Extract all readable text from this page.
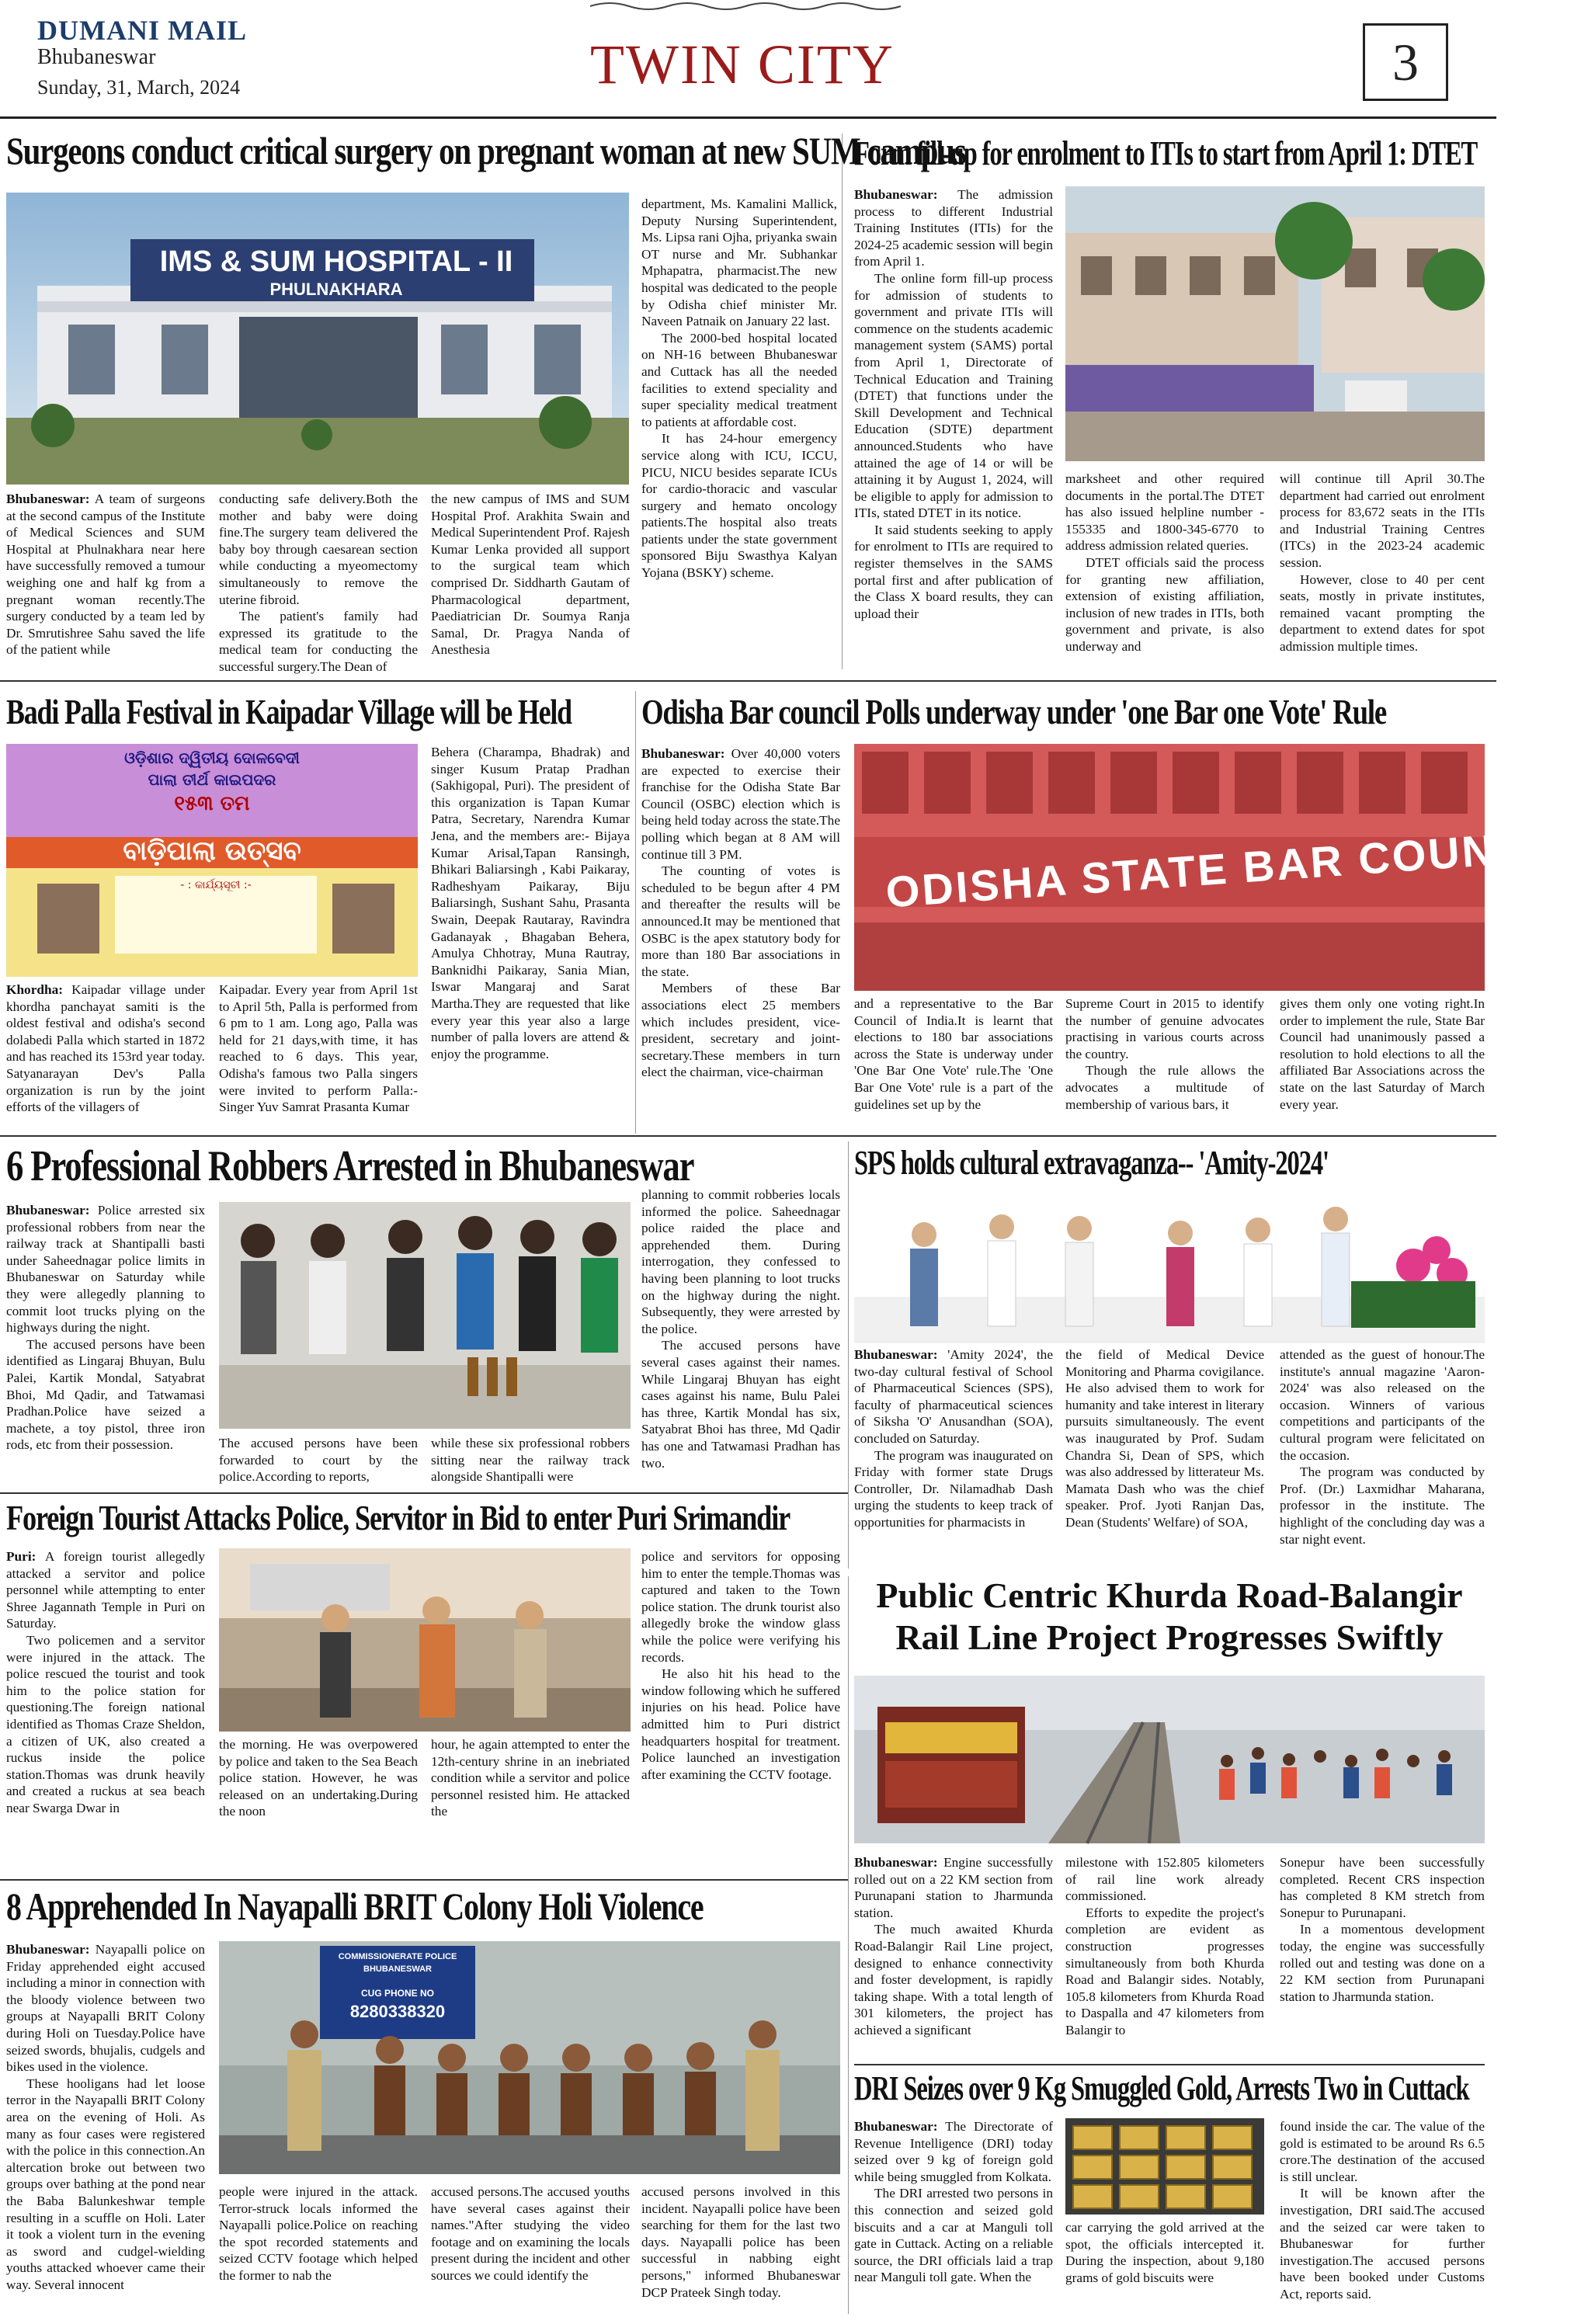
DUMANI MAIL
Bhubaneswar
Sunday, 31, March, 2024	TWIN CITY	3
Surgeons conduct critical surgery on pregnant woman at new SUM campus
IMS & SUM HOSPITAL - II
PHULNAKHARA

Bhubaneswar: A team of surgeons at the second campus of the Institute of Medical Sciences and SUM Hospital at Phulnakhara near here have successfully removed a tumour weighing one and half kg from a pregnant woman recently.The surgery conducted by a team led by Dr. Smrutishree Sahu saved the life of the patient while

conducting safe delivery.Both the mother and baby were doing fine.The surgery team delivered the baby boy through caesarean section while conducting a myeomectomy simultaneously to remove the uterine fibroid.

The patient's family had expressed its gratitude to the medical team for conducting the successful surgery.The Dean of

the new campus of IMS and SUM Hospital Prof. Arakhita Swain and Medical Superintendent Prof. Rajesh Kumar Lenka provided all support to the surgical team which comprised Dr. Siddharth Gautam of Pharmacological department, Paediatrician Dr. Soumya Ranja Samal, Dr. Pragya Nanda of Anesthesia

department, Ms. Kamalini Mallick, Deputy Nursing Superintendent, Ms. Lipsa rani Ojha, priyanka swain OT nurse and Mr. Subhankar Mphapatra, pharmacist.The new hospital was dedicated to the people by Odisha chief minister Mr. Naveen Patnaik on January 22 last.

The 2000-bed hospital located on NH-16 between Bhubaneswar and Cuttack has all the needed facilities to extend speciality and super speciality medical treatment to patients at affordable cost.

It has 24-hour emergency service along with ICU, ICCU, PICU, NICU besides separate ICUs for cardio-thoracic and vascular surgery and hemato oncology patients.The hospital also treats patients under the state government sponsored Biju Swasthya Kalyan Yojana (BSKY) scheme.

Form fill-up for enrolment to ITIs to start from April 1: DTET

Bhubaneswar: The admission process to different Industrial Training Institutes (ITIs) for the 2024-25 academic session will begin from April 1.

The online form fill-up process for admission of students to government and private ITIs will commence on the students academic management system (SAMS) portal from April 1, Directorate of Technical Education and Training (DTET) that functions under the Skill Development and Technical Education (SDTE) department announced.Students who have attained the age of 14 or will be attaining it by August 1, 2024, will be eligible to apply for admission to ITIs, stated DTET in its notice.

It said students seeking to apply for enrolment to ITIs are required to register themselves in the SAMS portal first and after publication of the Class X board results, they can upload their

marksheet and other required documents in the portal.The DTET has also issued helpline number - 155335 and 1800-345-6770 to address admission related queries.

DTET officials said the process for granting new affiliation, extension of existing affiliation, inclusion of new trades in ITIs, both government and private, is also underway and

will continue till April 30.The department had carried out enrolment process for 83,672 seats in the ITIs and Industrial Training Centres (ITCs) in the 2023-24 academic session.

However, close to 40 per cent seats, mostly in private institutes, remained vacant prompting the department to extend dates for spot admission multiple times.

Badi Palla Festival in Kaipadar Village will be Held
ଓଡ଼ିଶାର ଦ୍ୱିତୀୟ ଦୋଳବେଦୀ
ପାଲା ତୀର୍ଥ କାଇପଦର
୧୫୩ ତମ
ବାଡ଼ିପାଲା ଉତ୍ସବ
- : କାର୍ଯ୍ୟସୂଚୀ :-

Khordha: Kaipadar village under khordha panchayat samiti is the oldest festival and odisha's second dolabedi Palla which started in 1872 and has reached its 153rd year today. Satyanarayan Dev's Palla organization is run by the joint efforts of the villagers of

Kaipadar. Every year from April 1st to April 5th, Palla is performed from 6 pm to 1 am. Long ago, Palla was held for 21 days,with time, it has reached to 6 days. This year, Odisha's famous two Palla singers were invited to perform Palla:- Singer Yuv Samrat Prasanta Kumar

Behera (Charampa, Bhadrak) and singer Kusum Pratap Pradhan (Sakhigopal, Puri). The president of this organization is Tapan Kumar Patra, Secretary, Narendra Kumar Jena, and the members are:- Bijaya Kumar Arisal,Tapan Ransingh, Bhikari Baliarsingh , Kabi Paikaray, Radheshyam Paikaray, Biju Baliarsingh, Sushant Sahu, Prasanta Swain, Deepak Rautaray, Ravindra Gadanayak , Bhagaban Behera, Amulya Chhotray, Muna Rautray, Banknidhi Paikaray, Sania Mian, Iswar Mangaraj and Sarat Martha.They are requested that like every year this year also a large number of palla lovers are attend & enjoy the programme.

Odisha Bar council Polls underway under 'one Bar one Vote' Rule
ODISHA STATE BAR COUNCIL

Bhubaneswar: Over 40,000 voters are expected to exercise their franchise for the Odisha State Bar Council (OSBC) election which is being held today across the state.The polling which began at 8 AM will continue till 3 PM.

The counting of votes is scheduled to be begun after 4 PM and thereafter the results will be announced.It may be mentioned that OSBC is the apex statutory body for more than 180 Bar associations in the state.

Members of these Bar associations elect 25 members which includes president, vice-president, secretary and joint-secretary.These members in turn elect the chairman, vice-chairman

and a representative to the Bar Council of India.It is learnt that elections to 180 bar associations across the State is underway under 'One Bar One Vote' rule.The 'One Bar One Vote' rule is a part of the guidelines set up by the

Supreme Court in 2015 to identify the number of genuine advocates practising in various courts across the country.

Though the rule allows the advocates a multitude of membership of various bars, it

gives them only one voting right.In order to implement the rule, State Bar Council had unanimously passed a resolution to hold elections to all the affiliated Bar Associations across the state on the last Saturday of March every year.

6 Professional Robbers Arrested in Bhubaneswar

Bhubaneswar: Police arrested six professional robbers from near the railway track at Shantipalli basti under Saheednagar police limits in Bhubaneswar on Saturday while they were allegedly planning to commit loot trucks plying on the highways during the night.

The accused persons have been identified as Lingaraj Bhuyan, Bulu Palei, Kartik Mondal, Satyabrat Bhoi, Md Qadir, and Tatwamasi Pradhan.Police have seized a machete, a toy pistol, three iron rods, etc from their possession.	The accused persons have been forwarded to court by the police.According to reports,

while these six professional robbers sitting near the railway track alongside Shantipalli were

planning to commit robberies locals informed the police. Saheednagar police raided the place and apprehended them. During interrogation, they confessed to having been planning to loot trucks on the highway during the night. Subsequently, they were arrested by the police.

The accused persons have several cases against their names. While Lingaraj Bhuyan has eight cases against his name, Bulu Palei has three, Kartik Mondal has six, Satyabrat Bhoi has three, Md Qadir has one and Tatwamasi Pradhan has two.

SPS holds cultural extravaganza-- 'Amity-2024'

Bhubaneswar: 'Amity 2024', the two-day cultural festival of School of Pharmaceutical Sciences (SPS), faculty of pharmaceutical sciences of Siksha 'O' Anusandhan (SOA), concluded on Saturday.

The program was inaugurated on Friday with former state Drugs Controller, Dr. Nilamadhab Dash urging the students to keep track of opportunities for pharmacists in

the field of Medical Device Monitoring and Pharma covigilance. He also advised them to work for humanity and take interest in literary pursuits simultaneously. The event was inaugurated by Prof. Sudam Chandra Si, Dean of SPS, which was also addressed by litterateur Ms. Mamata Dash who was the chief speaker. Prof. Jyoti Ranjan Das, Dean (Students' Welfare) of SOA,

attended as the guest of honour.The institute's annual magazine 'Aaron-2024' was also released on the occasion. Winners of various competitions and participants of the cultural program were felicitated on the occasion.

The program was conducted by Prof. (Dr.) Laxmidhar Maharana, professor in the institute. The highlight of the concluding day was a star night event.

Foreign Tourist Attacks Police, Servitor in Bid to enter Puri Srimandir

Puri: A foreign tourist allegedly attacked a servitor and police personnel while attempting to enter Shree Jagannath Temple in Puri on Saturday.

Two policemen and a servitor were injured in the attack. The police rescued the tourist and took him to the police station for questioning.The foreign national identified as Thomas Craze Sheldon, a citizen of UK, also created a ruckus inside the police station.Thomas was drunk heavily and created a ruckus at sea beach near Swarga Dwar in

the morning. He was overpowered by police and taken to the Sea Beach police station. However, he was released on an undertaking.During the noon

hour, he again attempted to enter the 12th-century shrine in an inebriated condition while a servitor and police personnel resisted him. He attacked the

police and servitors for opposing him to enter the temple.Thomas was captured and taken to the Town police station. The drunk tourist also allegedly broke the window glass while the police were verifying his records.

He also hit his head to the window following which he suffered injuries on his head. Police have admitted him to Puri district headquarters hospital for treatment. Police launched an investigation after examining the CCTV footage.

Public Centric Khurda Road-Balangir
Rail Line Project Progresses Swiftly

Bhubaneswar: Engine successfully rolled out on a 22 KM section from Purunapani station to Jharmunda station.

The much awaited Khurda Road-Balangir Rail Line project, designed to enhance connectivity and foster development, is rapidly taking shape. With a total length of 301 kilometers, the project has achieved a significant

milestone with 152.805 kilometers of rail line work already commissioned.

Efforts to expedite the project's completion are evident as construction progresses simultaneously from both Khurda Road and Balangir sides. Notably, 105.8 kilometers from Khurda Road to Daspalla and 47 kilometers from Balangir to

Sonepur have been successfully completed. Recent CRS inspection has completed 8 KM stretch from Sonepur to Purunapani.

In a momentous development today, the engine was successfully rolled out and testing was done on a 22 KM section from Purunapani station to Jharmunda station.

8 Apprehended In Nayapalli BRIT Colony Holi Violence
COMMISSIONERATE POLICE
BHUBANESWAR
CUG PHONE NO
8280338320

Bhubaneswar: Nayapalli police on Friday apprehended eight accused including a minor in connection with the bloody violence between two groups at Nayapalli BRIT Colony during Holi on Tuesday.Police have seized swords, bhujalis, cudgels and bikes used in the violence.

These hooligans had let loose terror in the Nayapalli BRIT Colony area on the evening of Holi. As many as four cases were registered with the police in this connection.An altercation broke out between two groups over bathing at the pond near the Baba Balunkeshwar temple resulting in a scuffle on Holi. Later it took a violent turn in the evening as sword and cudgel-wielding youths attacked whoever came their way. Several innocent

people were injured in the attack. Terror-struck locals informed the Nayapalli police.Police on reaching the spot recorded statements and seized CCTV footage which helped the former to nab the

accused persons.The accused youths have several cases against their names."After studying the video footage and on examining the locals present during the incident and other sources we could identify the

accused persons involved in this incident. Nayapalli police have been searching for them for the last two days. Nayapalli police has been successful in nabbing eight persons," informed Bhubaneswar DCP Prateek Singh today.

DRI Seizes over 9 Kg Smuggled Gold, Arrests Two in Cuttack

Bhubaneswar: The Directorate of Revenue Intelligence (DRI) today seized over 9 kg of foreign gold while being smuggled from Kolkata.

The DRI arrested two persons in this connection and seized gold biscuits and a car at Manguli toll gate in Cuttack. Acting on a reliable source, the DRI officials laid a trap near Manguli toll gate. When the

car carrying the gold arrived at the spot, the officials intercepted it. During the inspection, about 9,180 grams of gold biscuits were

found inside the car. The value of the gold is estimated to be around Rs 6.5 crore.The destination of the accused is still unclear.

It will be known after the investigation, DRI said.The accused and the seized car were taken to Bhubaneswar for further investigation.The accused persons have been booked under Customs Act, reports said.
